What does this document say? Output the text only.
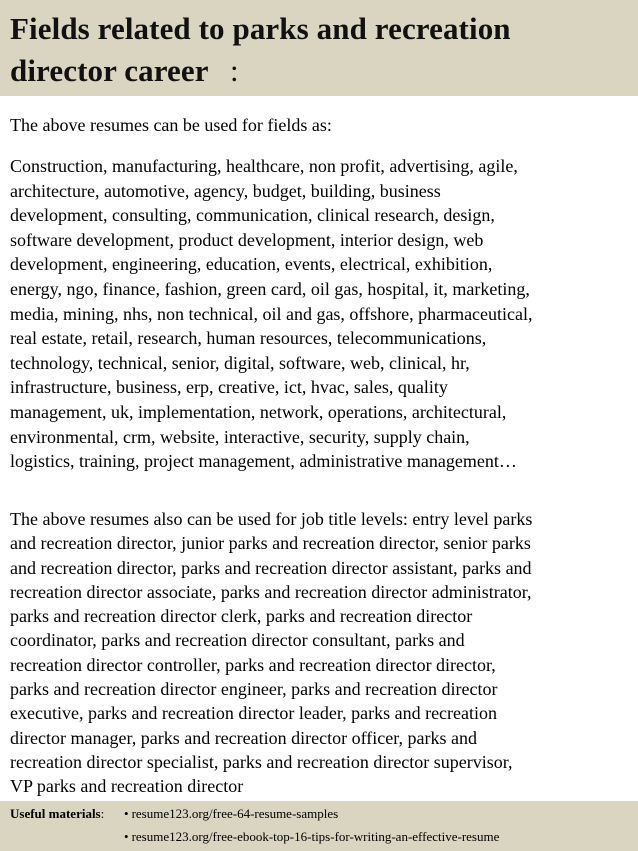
Fields related to parks and recreation director career :

The above resumes can be used for fields as:

Construction, manufacturing, healthcare, non profit, advertising, agile,
architecture, automotive, agency, budget, building, business
development, consulting, communication, clinical research, design,
software development, product development, interior design, web
development, engineering, education, events, electrical, exhibition,
energy, ngo, finance, fashion, green card, oil gas, hospital, it, marketing,
media, mining, nhs, non technical, oil and gas, offshore, pharmaceutical,
real estate, retail, research, human resources, telecommunications,
technology, technical, senior, digital, software, web, clinical, hr,
infrastructure, business, erp, creative, ict, hvac, sales, quality
management, uk, implementation, network, operations, architectural,
environmental, crm, website, interactive, security, supply chain,
logistics, training, project management, administrative management…

The above resumes also can be used for job title levels: entry level parks
and recreation director, junior parks and recreation director, senior parks
and recreation director, parks and recreation director assistant, parks and
recreation director associate, parks and recreation director administrator,
parks and recreation director clerk, parks and recreation director
coordinator, parks and recreation director consultant, parks and
recreation director controller, parks and recreation director director,
parks and recreation director engineer, parks and recreation director
executive, parks and recreation director leader, parks and recreation
director manager, parks and recreation director officer, parks and
recreation director specialist, parks and recreation director supervisor,
VP parks and recreation director

Useful materials: • resume123.org/free-64-resume-samples
• resume123.org/free-ebook-top-16-tips-for-writing-an-effective-resume
